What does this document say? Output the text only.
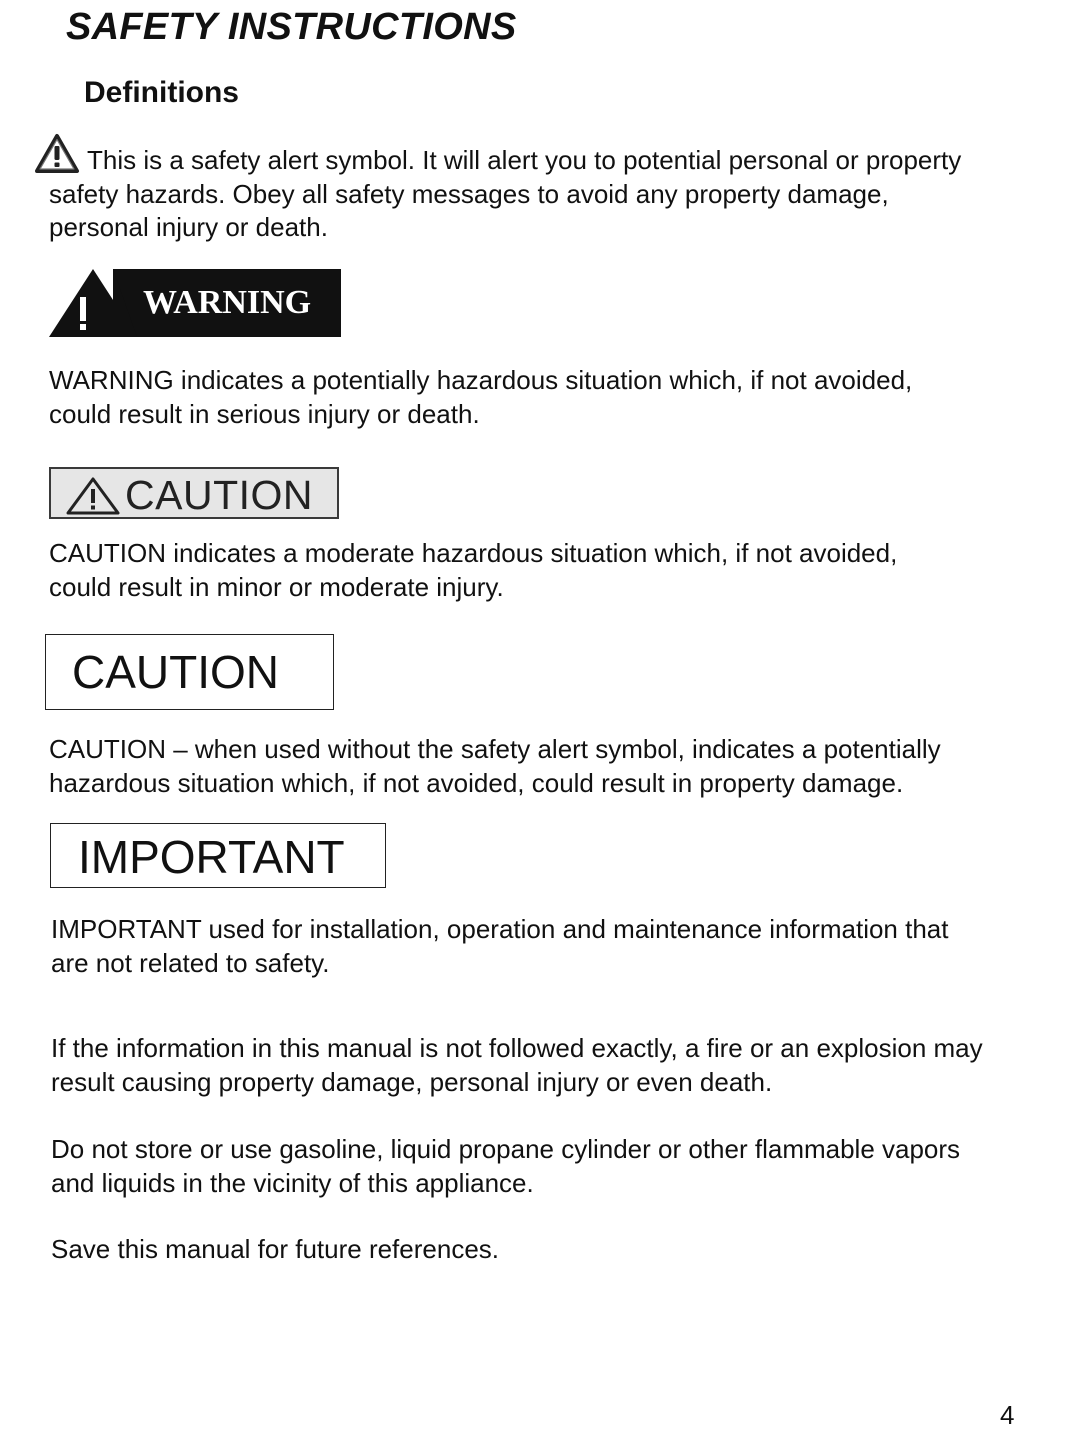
SAFETY INSTRUCTIONS
Definitions
This is a safety alert symbol. It will alert you to potential personal or property
safety hazards. Obey all safety messages to avoid any property damage,
personal injury or death.
WARNING
WARNING indicates a potentially hazardous situation which, if not avoided,
could result in serious injury or death.
CAUTION
CAUTION indicates a moderate hazardous situation which, if not avoided,
could result in minor or moderate injury.
CAUTION
CAUTION – when used without the safety alert symbol, indicates a potentially
hazardous situation which, if not avoided, could result in property damage.
IMPORTANT
IMPORTANT used for installation, operation and maintenance information that
are not related to safety.
If the information in this manual is not followed exactly, a fire or an explosion may
result causing property damage, personal injury or even death.
Do not store or use gasoline, liquid propane cylinder or other flammable vapors
and liquids in the vicinity of this appliance.
Save this manual for future references.
4
